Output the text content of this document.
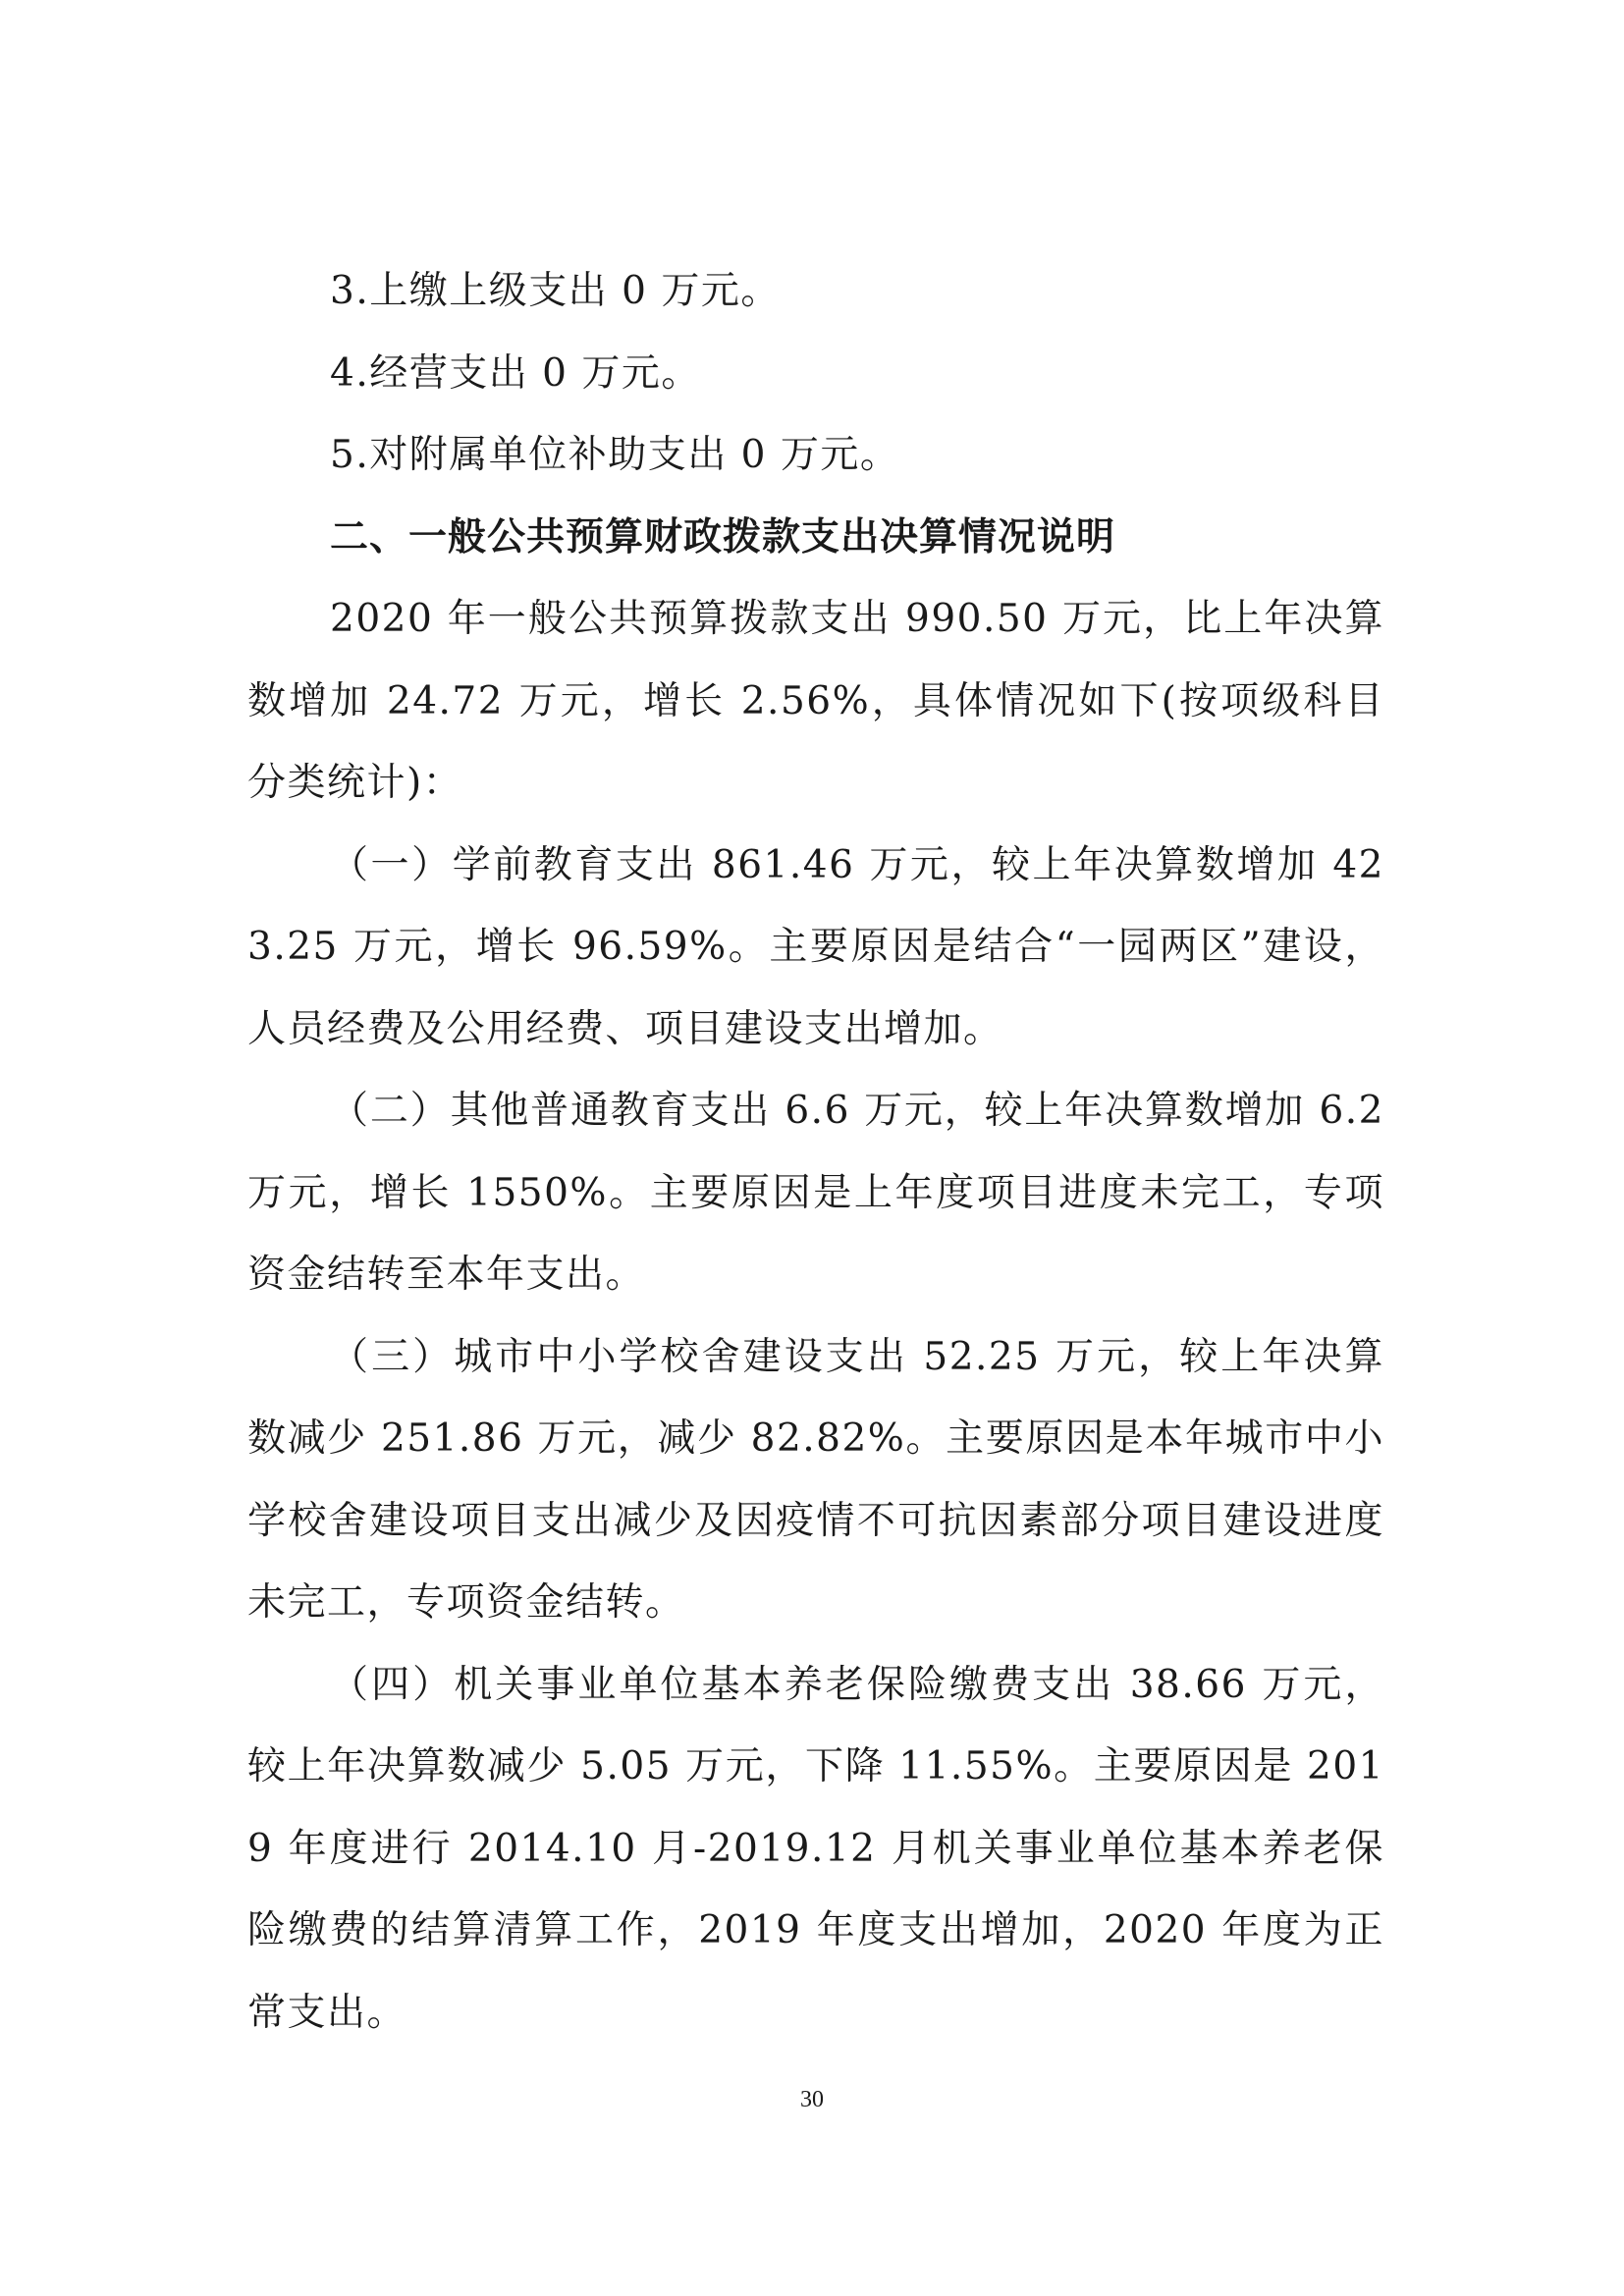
3.上缴上级支出 0 万元。

4.经营支出 0 万元。

5.对附属单位补助支出 0 万元。

二、一般公共预算财政拨款支出决算情况说明

2020 年一般公共预算拨款支出 990.50 万元，比上年决算数增加 24.72 万元，增长 2.56%，具体情况如下(按项级科目分类统计)：

（一）学前教育支出 861.46 万元，较上年决算数增加 423.25 万元，增长 96.59%。主要原因是结合“一园两区”建设，人员经费及公用经费、项目建设支出增加。

（二）其他普通教育支出 6.6 万元，较上年决算数增加 6.2 万元，增长 1550%。主要原因是上年度项目进度未完工，专项资金结转至本年支出。

（三）城市中小学校舍建设支出 52.25 万元，较上年决算数减少 251.86 万元，减少 82.82%。主要原因是本年城市中小学校舍建设项目支出减少及因疫情不可抗因素部分项目建设进度未完工，专项资金结转。

（四）机关事业单位基本养老保险缴费支出 38.66 万元，较上年决算数减少 5.05 万元，下降 11.55%。主要原因是 2019 年度进行 2014.10 月-2019.12 月机关事业单位基本养老保险缴费的结算清算工作，2019 年度支出增加，2020 年度为正常支出。

30
